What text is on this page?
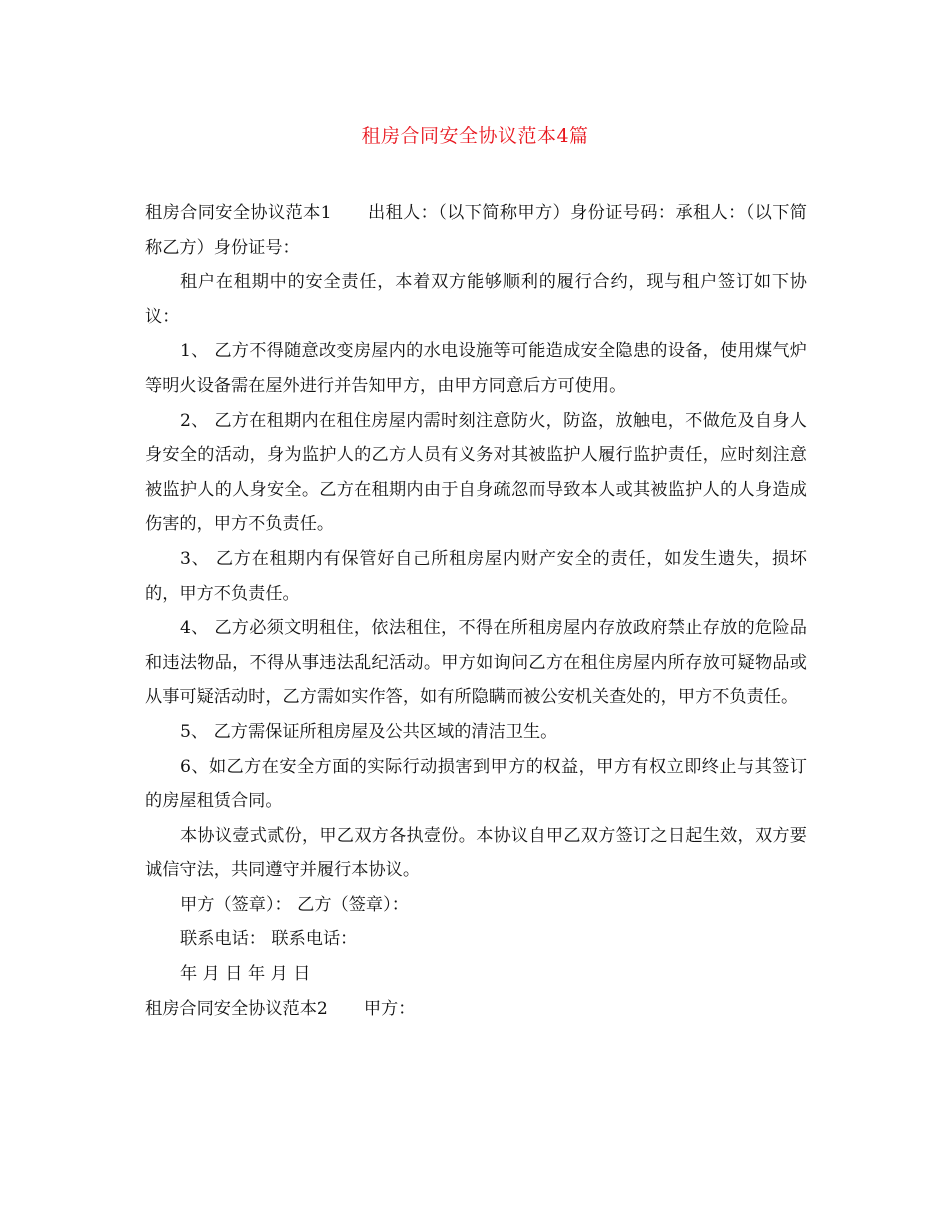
租房合同安全协议范本4篇

租房合同安全协议范本1 出租人：（以下简称甲方）身份证号码：承租人：（以下简称乙方）身份证号：

租户在租期中的安全责任，本着双方能够顺利的履行合约，现与租户签订如下协议：

1、 乙方不得随意改变房屋内的水电设施等可能造成安全隐患的设备，使用煤气炉等明火设备需在屋外进行并告知甲方，由甲方同意后方可使用。

2、 乙方在租期内在租住房屋内需时刻注意防火，防盗，放触电，不做危及自身人身安全的活动，身为监护人的乙方人员有义务对其被监护人履行监护责任，应时刻注意被监护人的人身安全。乙方在租期内由于自身疏忽而导致本人或其被监护人的人身造成伤害的，甲方不负责任。

3、 乙方在租期内有保管好自己所租房屋内财产安全的责任，如发生遗失，损坏的，甲方不负责任。

4、 乙方必须文明租住，依法租住，不得在所租房屋内存放政府禁止存放的危险品和违法物品，不得从事违法乱纪活动。甲方如询问乙方在租住房屋内所存放可疑物品或从事可疑活动时，乙方需如实作答，如有所隐瞒而被公安机关查处的，甲方不负责任。

5、 乙方需保证所租房屋及公共区域的清洁卫生。

6、如乙方在安全方面的实际行动损害到甲方的权益，甲方有权立即终止与其签订的房屋租赁合同。

本协议壹式贰份，甲乙双方各执壹份。本协议自甲乙双方签订之日起生效，双方要诚信守法，共同遵守并履行本协议。

甲方（签章）： 乙方（签章）：

联系电话： 联系电话：

年 月 日 年 月 日

租房合同安全协议范本2 甲方：
